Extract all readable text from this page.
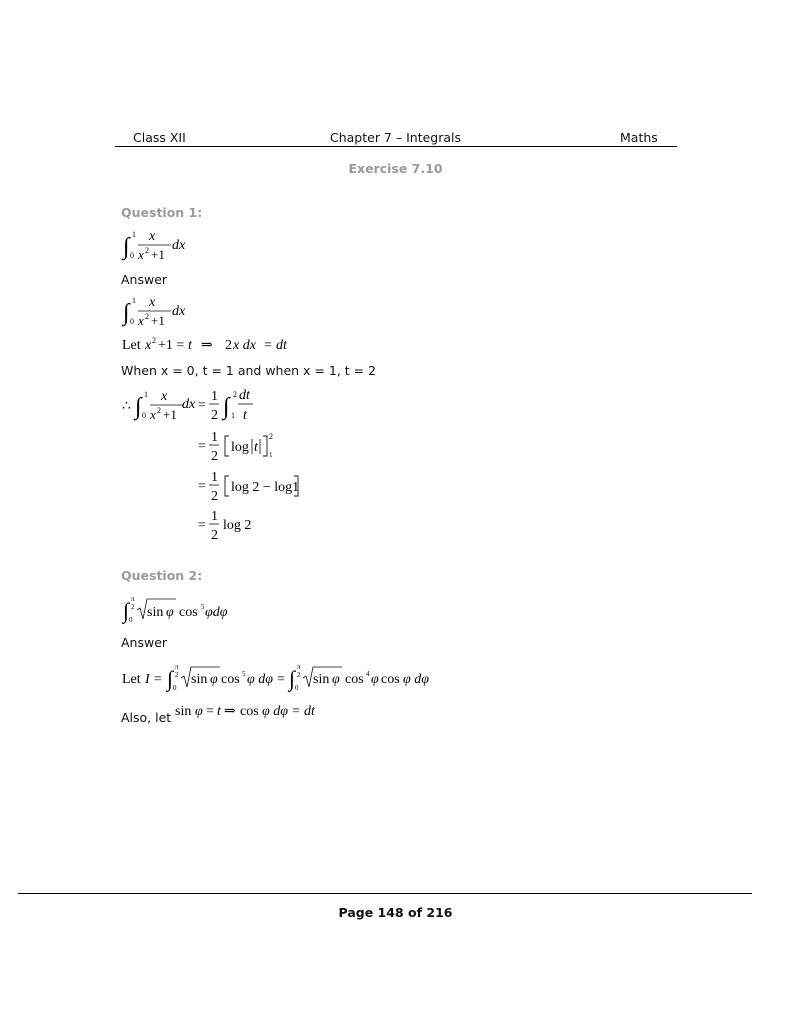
Class XII	Chapter 7 – Integrals	Maths
Exercise 7.10
Question 1:
∫ 1
0
x
x 2 +1
dx
Answer
∫ 1
0
x
x 2 +1
dx
Let x 2 +1 = t ⇒ 2 x dx = dt
When x = 0, t = 1 and when x = 1, t = 2
∴ ∫ 1
0
x
x 2 +1
dx =
1
2 ∫ 2
1
dt
t
=
1
2
log t
2
1
=
1
2
log 2 − log1
=
1
2
log 2
Question 2:
∫ π
2
0 sin φ cos 5 φdφ
Answer
Let I = ∫ π
2
0
sin φ cos 5 φ dφ = ∫ π
2
0
sin φ cos 4 φ cos φ dφ
Also, let sin φ = t ⇒ cos φ dφ = dt
Page 148 of 216
